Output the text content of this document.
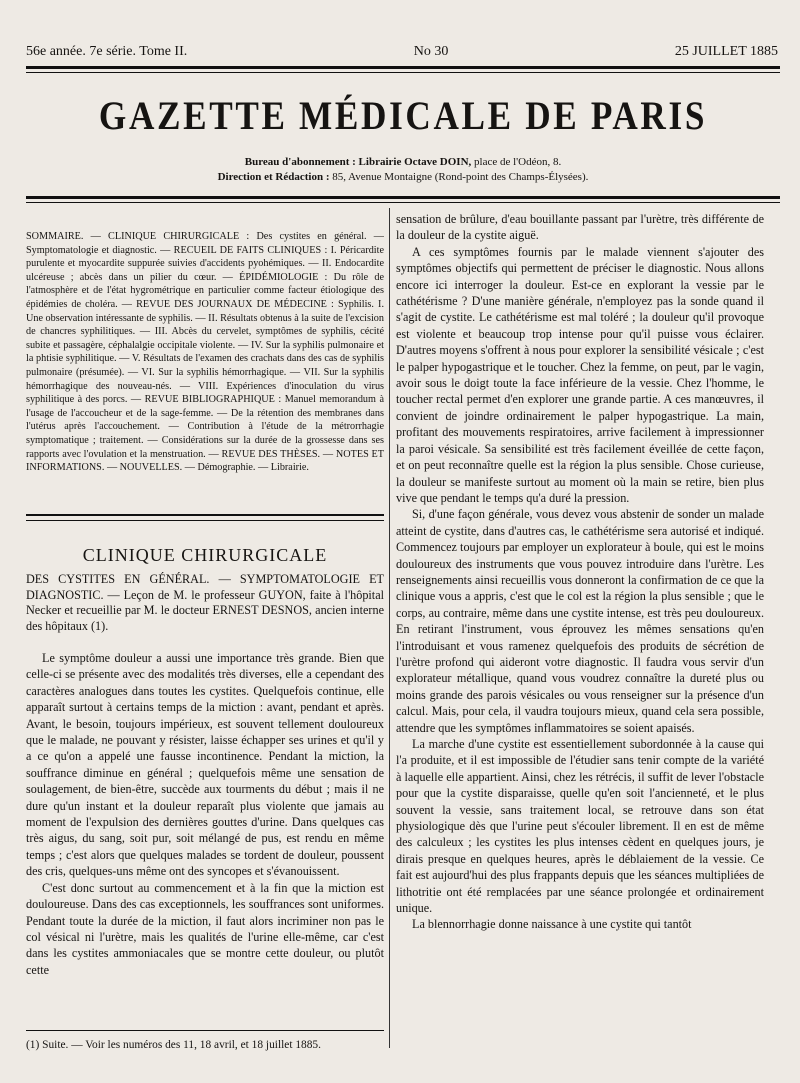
56e année. 7e série. Tome II.	No 30	25 JUILLET 1885
GAZETTE MÉDICALE DE PARIS
Bureau d'abonnement : Librairie Octave DOIN, place de l'Odéon, 8.
Direction et Rédaction : 85, Avenue Montaigne (Rond-point des Champs-Élysées).

SOMMAIRE. — CLINIQUE CHIRURGICALE : Des cystites en général. — Symptomatologie et diagnostic. — RECUEIL DE FAITS CLINIQUES : I. Péricardite purulente et myocardite suppurée suivies d'accidents pyohémiques. — II. Endocardite ulcéreuse ; abcès dans un pilier du cœur. — ÉPIDÉMIOLOGIE : Du rôle de l'atmosphère et de l'état hygrométrique en particulier comme facteur étiologique des épidémies de choléra. — REVUE DES JOURNAUX DE MÉDECINE : Syphilis. I. Une observation intéressante de syphilis. — II. Résultats obtenus à la suite de l'excision de chancres syphilitiques. — III. Abcès du cervelet, symptômes de syphilis, cécité subite et passagère, céphalalgie occipitale violente. — IV. Sur la syphilis pulmonaire et la phtisie syphilitique. — V. Résultats de l'examen des crachats dans des cas de syphilis pulmonaire (présumée). — VI. Sur la syphilis hémorrhagique. — VII. Sur la syphilis hémorrhagique des nouveau-nés. — VIII. Expériences d'inoculation du virus syphilitique à des porcs. — REVUE BIBLIOGRAPHIQUE : Manuel memorandum à l'usage de l'accoucheur et de la sage-femme. — De la rétention des membranes dans l'utérus après l'accouchement. — Contribution à l'étude de la métrorrhagie symptomatique ; traitement. — Considérations sur la durée de la grossesse dans ses rapports avec l'ovulation et la menstruation. — REVUE DES THÈSES. — NOTES ET INFORMATIONS. — NOUVELLES. — Démographie. — Librairie.

CLINIQUE CHIRURGICALE

DES CYSTITES EN GÉNÉRAL. — SYMPTOMATOLOGIE ET DIAGNOSTIC. — Leçon de M. le professeur GUYON, faite à l'hôpital Necker et recueillie par M. le docteur ERNEST DESNOS, ancien interne des hôpitaux (1).

Le symptôme douleur a aussi une importance très grande. Bien que celle-ci se présente avec des modalités très diverses, elle a cependant des caractères analogues dans toutes les cystites. Quelquefois continue, elle apparaît surtout à certains temps de la miction : avant, pendant et après. Avant, le besoin, toujours impérieux, est souvent tellement douloureux que le malade, ne pouvant y résister, laisse échapper ses urines et qu'il y a ce qu'on a appelé une fausse incontinence. Pendant la miction, la souffrance diminue en général ; quelquefois même une sensation de soulagement, de bien-être, succède aux tourments du début ; mais il ne dure qu'un instant et la douleur reparaît plus violente que jamais au moment de l'expulsion des dernières gouttes d'urine. Dans quelques cas très aigus, du sang, soit pur, soit mélangé de pus, est rendu en même temps ; c'est alors que quelques malades se tordent de douleur, poussent des cris, quelques-uns même ont des syncopes et s'évanouissent.

C'est donc surtout au commencement et à la fin que la miction est douloureuse. Dans des cas exceptionnels, les souffrances sont uniformes. Pendant toute la durée de la miction, il faut alors incriminer non pas le col vésical ni l'urètre, mais les qualités de l'urine elle-même, car c'est dans les cystites ammoniacales que se montre cette douleur, ou plutôt cette

(1) Suite. — Voir les numéros des 11, 18 avril, et 18 juillet 1885.

sensation de brûlure, d'eau bouillante passant par l'urètre, très différente de la douleur de la cystite aiguë.

A ces symptômes fournis par le malade viennent s'ajouter des symptômes objectifs qui permettent de préciser le diagnostic. Nous allons encore ici interroger la douleur. Est-ce en explorant la vessie par le cathétérisme ? D'une manière générale, n'employez pas la sonde quand il s'agit de cystite. Le cathétérisme est mal toléré ; la douleur qu'il provoque est violente et beaucoup trop intense pour qu'il puisse vous éclairer. D'autres moyens s'offrent à nous pour explorer la sensibilité vésicale ; c'est le palper hypogastrique et le toucher. Chez la femme, on peut, par le vagin, avoir sous le doigt toute la face inférieure de la vessie. Chez l'homme, le toucher rectal permet d'en explorer une grande partie. A ces manœuvres, il convient de joindre ordinairement le palper hypogastrique. La main, profitant des mouvements respiratoires, arrive facilement à impressionner la paroi vésicale. Sa sensibilité est très facilement éveillée de cette façon, et on peut reconnaître quelle est la région la plus sensible. Chose curieuse, la douleur se manifeste surtout au moment où la main se retire, bien plus vive que pendant le temps qu'a duré la pression.

Si, d'une façon générale, vous devez vous abstenir de sonder un malade atteint de cystite, dans d'autres cas, le cathétérisme sera autorisé et indiqué. Commencez toujours par employer un explorateur à boule, qui est le moins douloureux des instruments que vous pouvez introduire dans l'urètre. Les renseignements ainsi recueillis vous donneront la confirmation de ce que la clinique vous a appris, c'est que le col est la région la plus sensible ; que le corps, au contraire, même dans une cystite intense, est très peu douloureux. En retirant l'instrument, vous éprouvez les mêmes sensations qu'en l'introduisant et vous ramenez quelquefois des produits de sécrétion de l'urètre profond qui aideront votre diagnostic. Il faudra vous servir d'un explorateur métallique, quand vous voudrez connaître la dureté plus ou moins grande des parois vésicales ou vous renseigner sur la présence d'un calcul. Mais, pour cela, il vaudra toujours mieux, quand cela sera possible, attendre que les symptômes inflammatoires se soient apaisés.

La marche d'une cystite est essentiellement subordonnée à la cause qui l'a produite, et il est impossible de l'étudier sans tenir compte de la variété à laquelle elle appartient. Ainsi, chez les rétrécis, il suffit de lever l'obstacle pour que la cystite disparaisse, quelle qu'en soit l'ancienneté, et le plus souvent la vessie, sans traitement local, se retrouve dans son état physiologique dès que l'urine peut s'écouler librement. Il en est de même des calculeux ; les cystites les plus intenses cèdent en quelques jours, je dirais presque en quelques heures, après le déblaiement de la vessie. Ce fait est aujourd'hui des plus frappants depuis que les séances multipliées de lithotritie ont été remplacées par une séance prolongée et ordinairement unique.

La blennorrhagie donne naissance à une cystite qui tantôt
